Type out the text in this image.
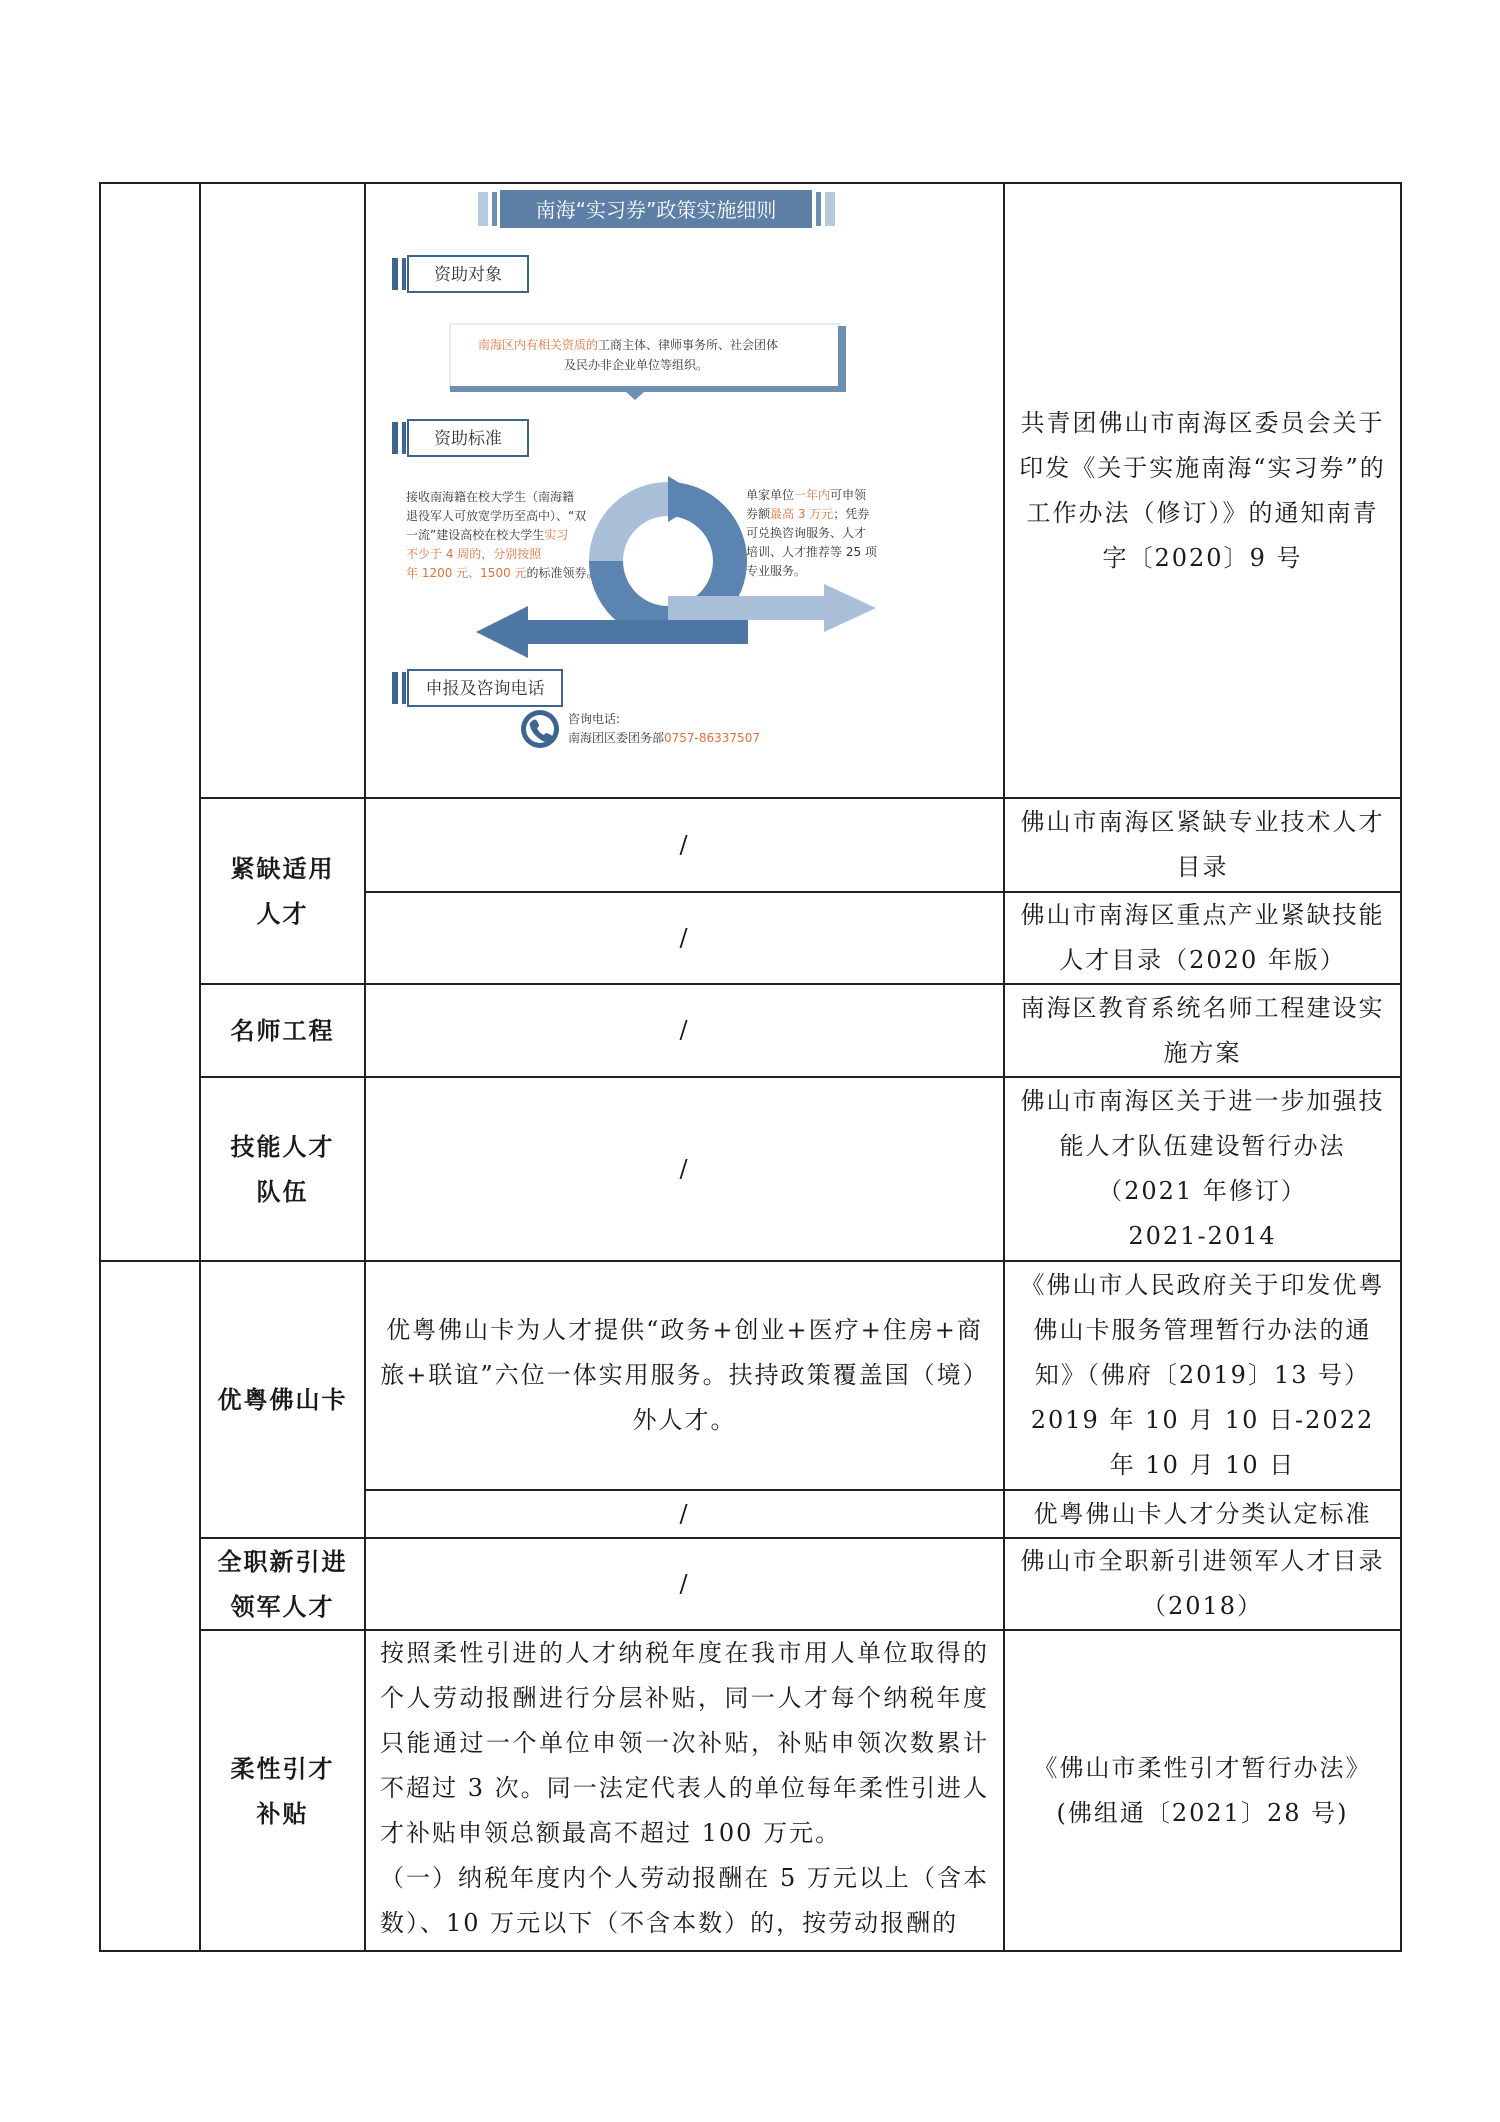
南海“实习券”政策实施细则
资助对象
南海区内有相关资质的工商主体、律师事务所、社会团体
及民办非企业单位等组织。
资助标准
接收南海籍在校大学生（南海籍
退役军人可放宽学历至高中）、“双
一流”建设高校在校大学生实习
不少于 4 周的，分别按照
年 1200 元、1500 元的标准领券。
单家单位一年内可申领
券额最高 3 万元；凭券
可兑换咨询服务、人才
培训、人才推荐等 25 项
专业服务。
申报及咨询电话
咨询电话:
南海团区委团务部0757-86337507
共青团佛山市南海区委员会关于印发《关于实施南海“实习券”的工作办法（修订）》的通知南青字〔2020〕9 号
紧缺适用人才
/
佛山市南海区紧缺专业技术人才目录
/
佛山市南海区重点产业紧缺技能人才目录（2020 年版）
名师工程	/
南海区教育系统名师工程建设实施方案
技能人才队伍
/
佛山市南海区关于进一步加强技能人才队伍建设暂行办法（2021 年修订）
2021-2014
优粤佛山卡
优粤佛山卡为人才提供“政务+创业+医疗+住房+商旅+联谊”六位一体实用服务。扶持政策覆盖国（境）外人才。
《佛山市人民政府关于印发优粤佛山卡服务管理暂行办法的通知》（佛府〔2019〕13 号）
2019 年 10 月 10 日-2022 年 10 月 10 日
/	优粤佛山卡人才分类认定标准
全职新引进领军人才
/
佛山市全职新引进领军人才目录（2018）
柔性引才补贴
按照柔性引进的人才纳税年度在我市用人单位取得的个人劳动报酬进行分层补贴，同一人才每个纳税年度只能通过一个单位申领一次补贴，补贴申领次数累计不超过 3 次。同一法定代表人的单位每年柔性引进人才补贴申领总额最高不超过 100 万元。
（一）纳税年度内个人劳动报酬在 5 万元以上（含本数）、10 万元以下（不含本数）的，按劳动报酬的
《佛山市柔性引才暂行办法》(佛组通〔2021〕28 号)
